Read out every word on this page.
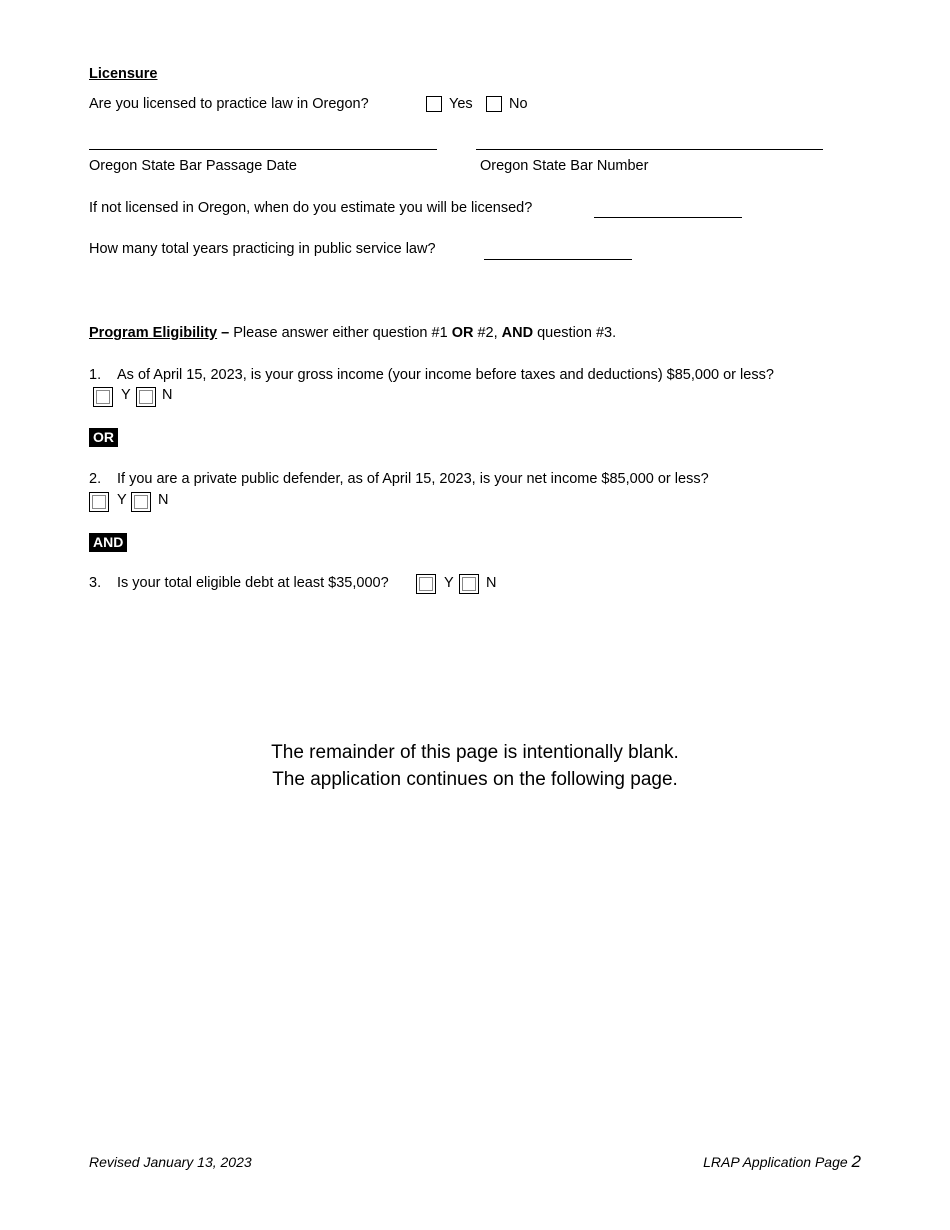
Licensure
Are you licensed to practice law in Oregon?	Yes	No
Oregon State Bar Passage Date	Oregon State Bar Number
If not licensed in Oregon, when do you estimate you will be licensed?
How many total years practicing in public service law?
Program Eligibility – Please answer either question #1 OR #2, AND question #3.
1. As of April 15, 2023, is your gross income (your income before taxes and deductions) $85,000 or less?
Y N
OR
2. If you are a private public defender, as of April 15, 2023, is your net income $85,000 or less?
Y N
AND
3. Is your total eligible debt at least $35,000?	Y N
The remainder of this page is intentionally blank.
The application continues on the following page.
Revised January 13, 2023	LRAP Application Page 2
